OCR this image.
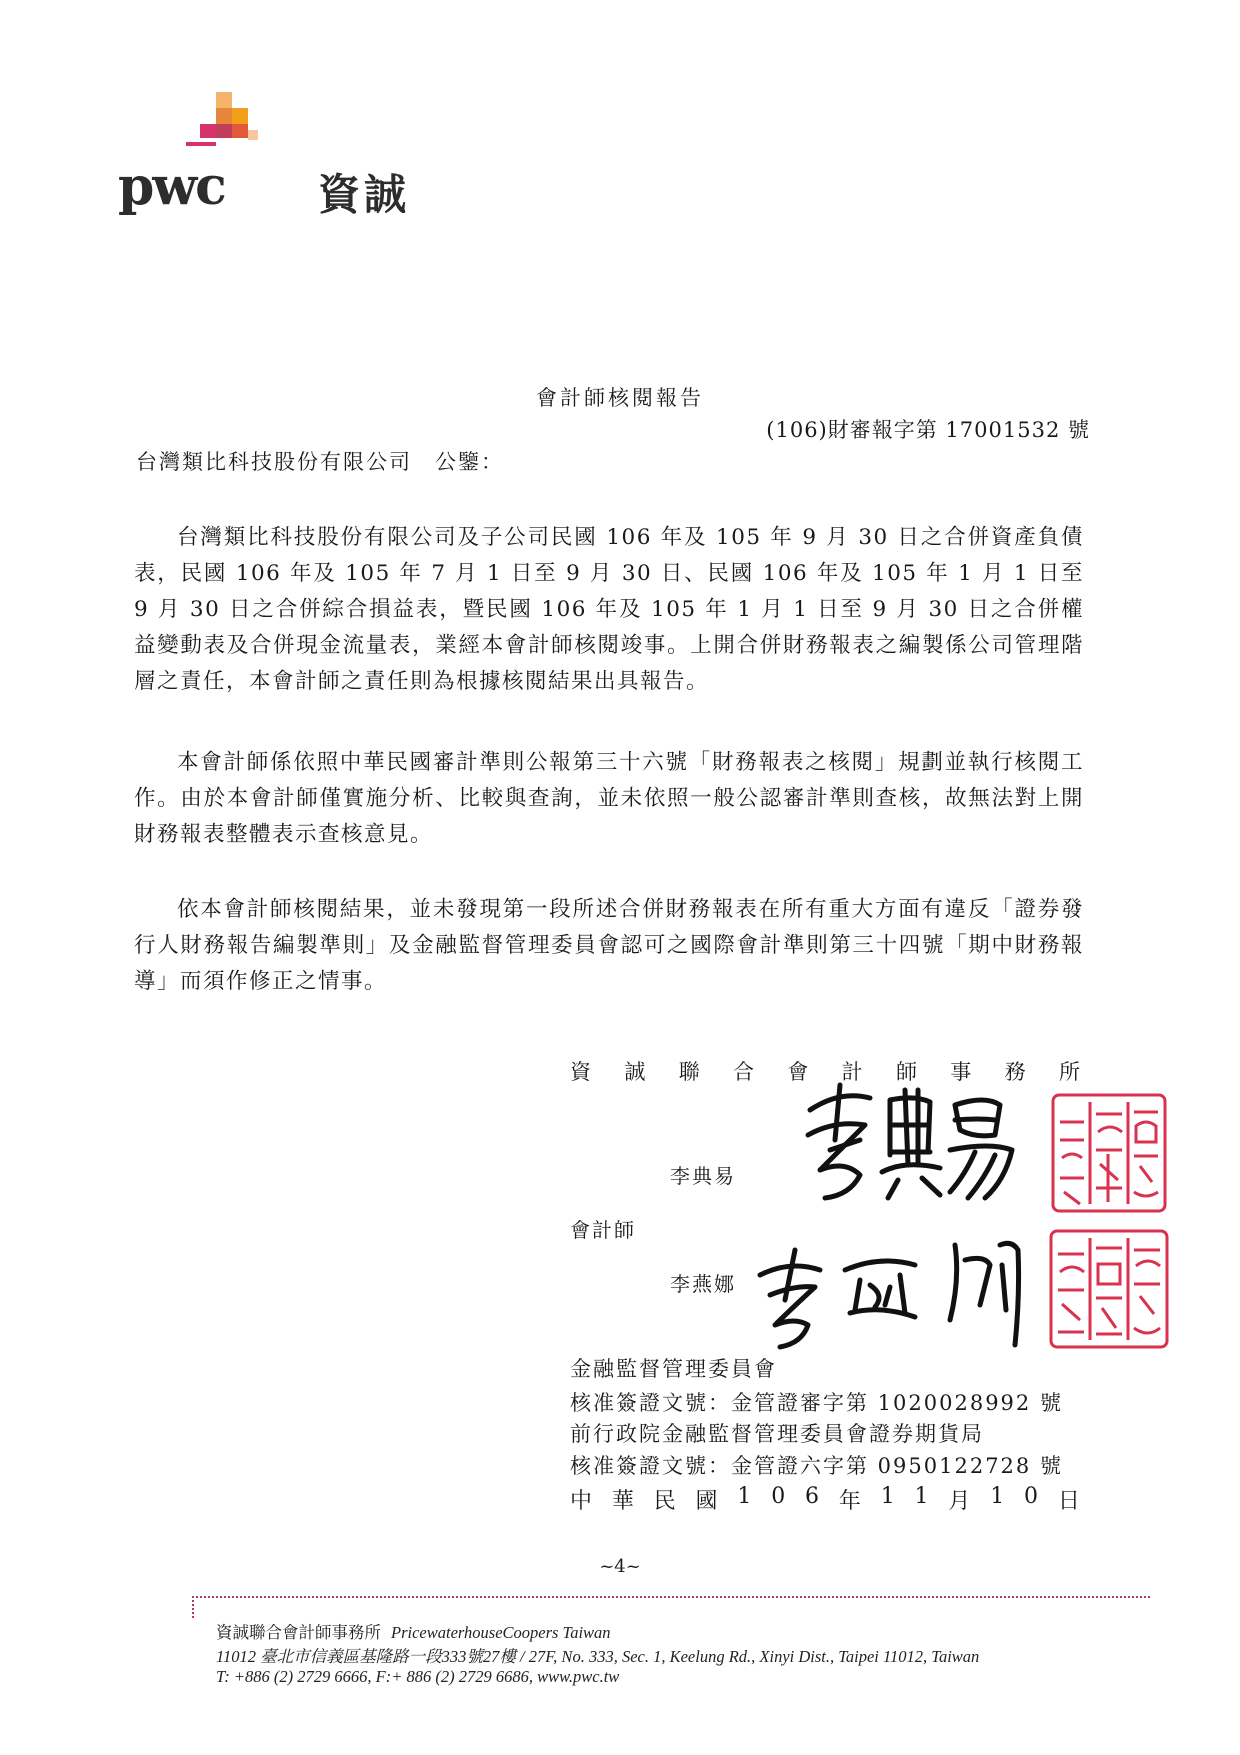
pwc 資誠
會計師核閱報告
(106)財審報字第 17001532 號
台灣類比科技股份有限公司　公鑒：
台灣類比科技股份有限公司及子公司民國 106 年及 105 年 9 月 30 日之合併資產負債表，民國 106 年及 105 年 7 月 1 日至 9 月 30 日、民國 106 年及 105 年 1 月 1 日至 9 月 30 日之合併綜合損益表，暨民國 106 年及 105 年 1 月 1 日至 9 月 30 日之合併權益變動表及合併現金流量表，業經本會計師核閱竣事。上開合併財務報表之編製係公司管理階層之責任，本會計師之責任則為根據核閱結果出具報告。
本會計師係依照中華民國審計準則公報第三十六號「財務報表之核閱」規劃並執行核閱工作。由於本會計師僅實施分析、比較與查詢，並未依照一般公認審計準則查核，故無法對上開財務報表整體表示查核意見。
依本會計師核閱結果，並未發現第一段所述合併財務報表在所有重大方面有違反「證券發行人財務報告編製準則」及金融監督管理委員會認可之國際會計準則第三十四號「期中財務報導」而須作修正之情事。
資 誠 聯 合 會 計 師 事 務 所
李典易
會計師
李燕娜
金融監督管理委員會
核准簽證文號：金管證審字第 1020028992 號
前行政院金融監督管理委員會證券期貨局
核准簽證文號：金管證六字第 0950122728 號
中 華 民 國 1 0 6 年 1 1 月 1 0 日
~4~
資誠聯合會計師事務所 PricewaterhouseCoopers Taiwan
11012 臺北市信義區基隆路一段333號27樓 / 27F, No. 333, Sec. 1, Keelung Rd., Xinyi Dist., Taipei 11012, Taiwan
T: +886 (2) 2729 6666, F:+ 886 (2) 2729 6686, www.pwc.tw
